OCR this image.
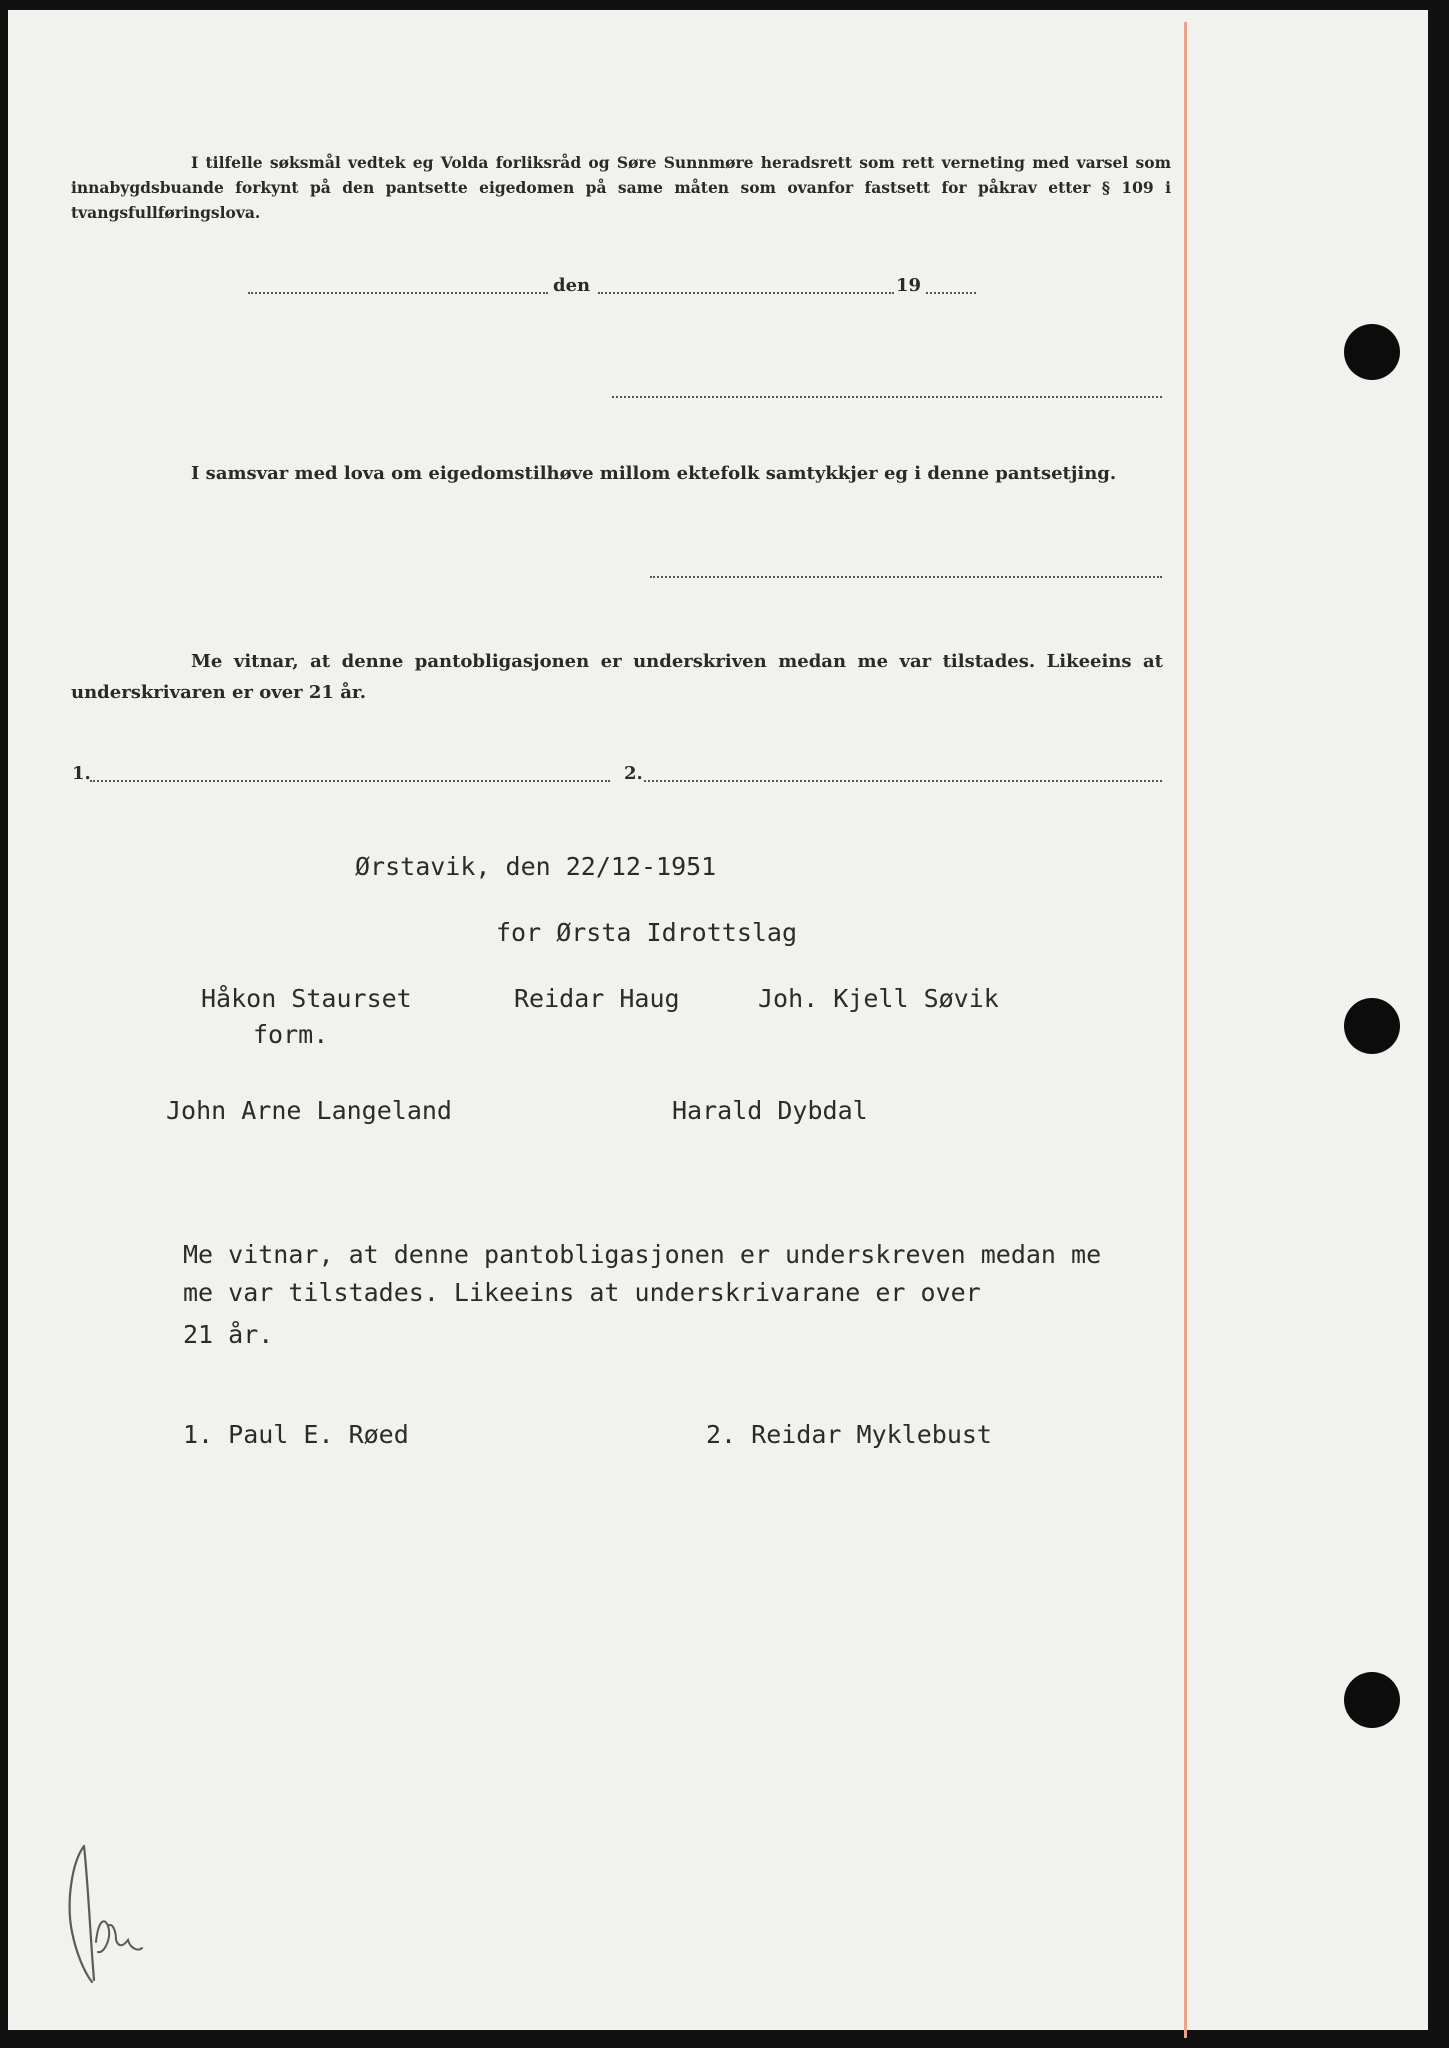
I tilfelle søksmål vedtek eg Volda forliksråd og Søre Sunnmøre heradsrett som rett verneting med varsel som innabygdsbuande forkynt på den pantsette eigedomen på same måten som ovanfor fastsett for påkrav etter § 109 i tvangsfullføringslova.

den	19

I samsvar med lova om eigedomstilhøve millom ektefolk samtykkjer eg i denne pantsetjing.

Me vitnar, at denne pantobligasjonen er underskriven medan me var tilstades. Likeeins at underskrivaren er over 21 år.

1.	2.
Ørstavik, den 22/12-1951
for Ørsta Idrottslag
Håkon Staurset
form.
Reidar Haug	Joh. Kjell Søvik
John Arne Langeland	Harald Dybdal
Me vitnar, at denne pantobligasjonen er underskreven medan me
me var tilstades. Likeeins at underskrivarane er over
21 år.
1. Paul E. Røed	2. Reidar Myklebust
